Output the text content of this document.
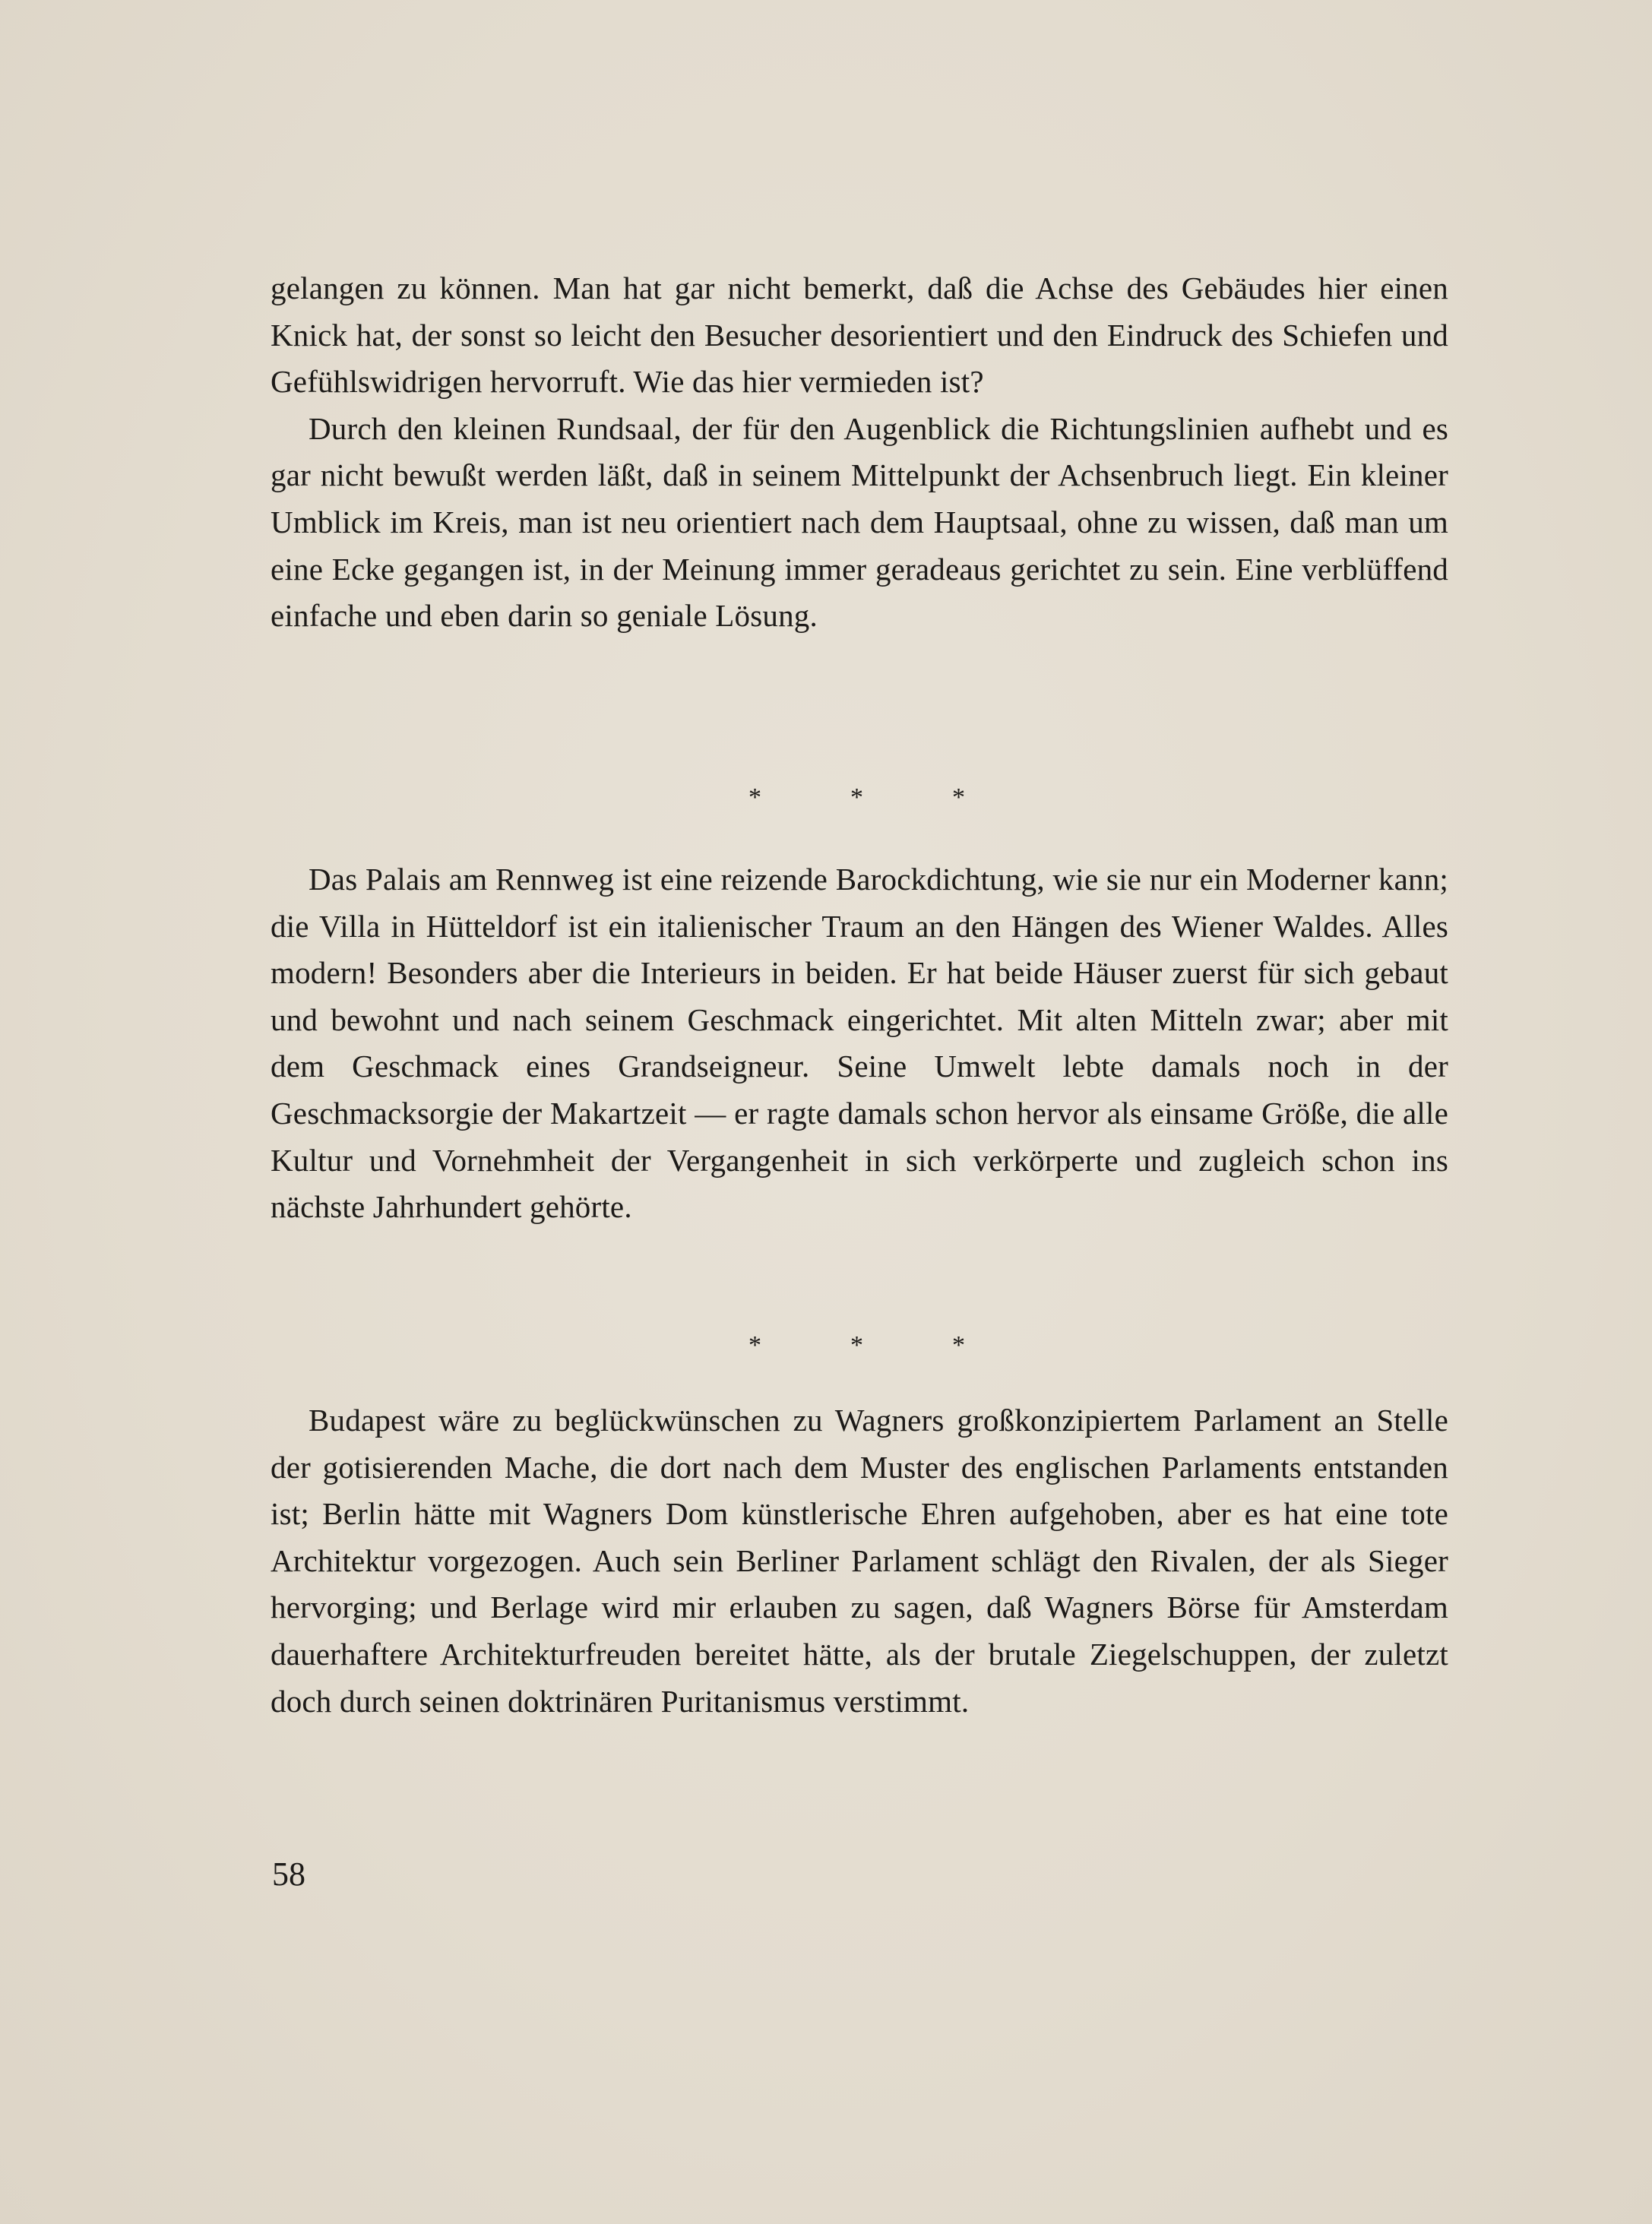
gelangen zu können. Man hat gar nicht bemerkt, daß die Achse des Gebäudes hier einen Knick hat, der sonst so leicht den Besucher desorientiert und den Eindruck des Schiefen und Gefühlswidrigen hervorruft. Wie das hier vermieden ist?

Durch den kleinen Rundsaal, der für den Augenblick die Richtungslinien aufhebt und es gar nicht bewußt werden läßt, daß in seinem Mittelpunkt der Achsenbruch liegt. Ein kleiner Umblick im Kreis, man ist neu orientiert nach dem Hauptsaal, ohne zu wissen, daß man um eine Ecke gegangen ist, in der Meinung immer geradeaus gerichtet zu sein. Eine verblüffend einfache und eben darin so geniale Lösung.

*	*	*

Das Palais am Rennweg ist eine reizende Barockdichtung, wie sie nur ein Moderner kann; die Villa in Hütteldorf ist ein italienischer Traum an den Hängen des Wiener Waldes. Alles modern! Besonders aber die Interieurs in beiden. Er hat beide Häuser zuerst für sich gebaut und bewohnt und nach seinem Geschmack eingerichtet. Mit alten Mitteln zwar; aber mit dem Geschmack eines Grandseigneur. Seine Umwelt lebte damals noch in der Geschmacksorgie der Makartzeit — er ragte damals schon hervor als einsame Größe, die alle Kultur und Vornehmheit der Vergangenheit in sich verkörperte und zugleich schon ins nächste Jahrhundert gehörte.

*	*	*

Budapest wäre zu beglückwünschen zu Wagners großkonzipiertem Parlament an Stelle der gotisierenden Mache, die dort nach dem Muster des englischen Parlaments entstanden ist; Berlin hätte mit Wagners Dom künstlerische Ehren aufgehoben, aber es hat eine tote Architektur vorgezogen. Auch sein Berliner Parlament schlägt den Rivalen, der als Sieger hervorging; und Berlage wird mir erlauben zu sagen, daß Wagners Börse für Amsterdam dauerhaftere Architekturfreuden bereitet hätte, als der brutale Ziegelschuppen, der zuletzt doch durch seinen doktrinären Puritanismus verstimmt.

58
